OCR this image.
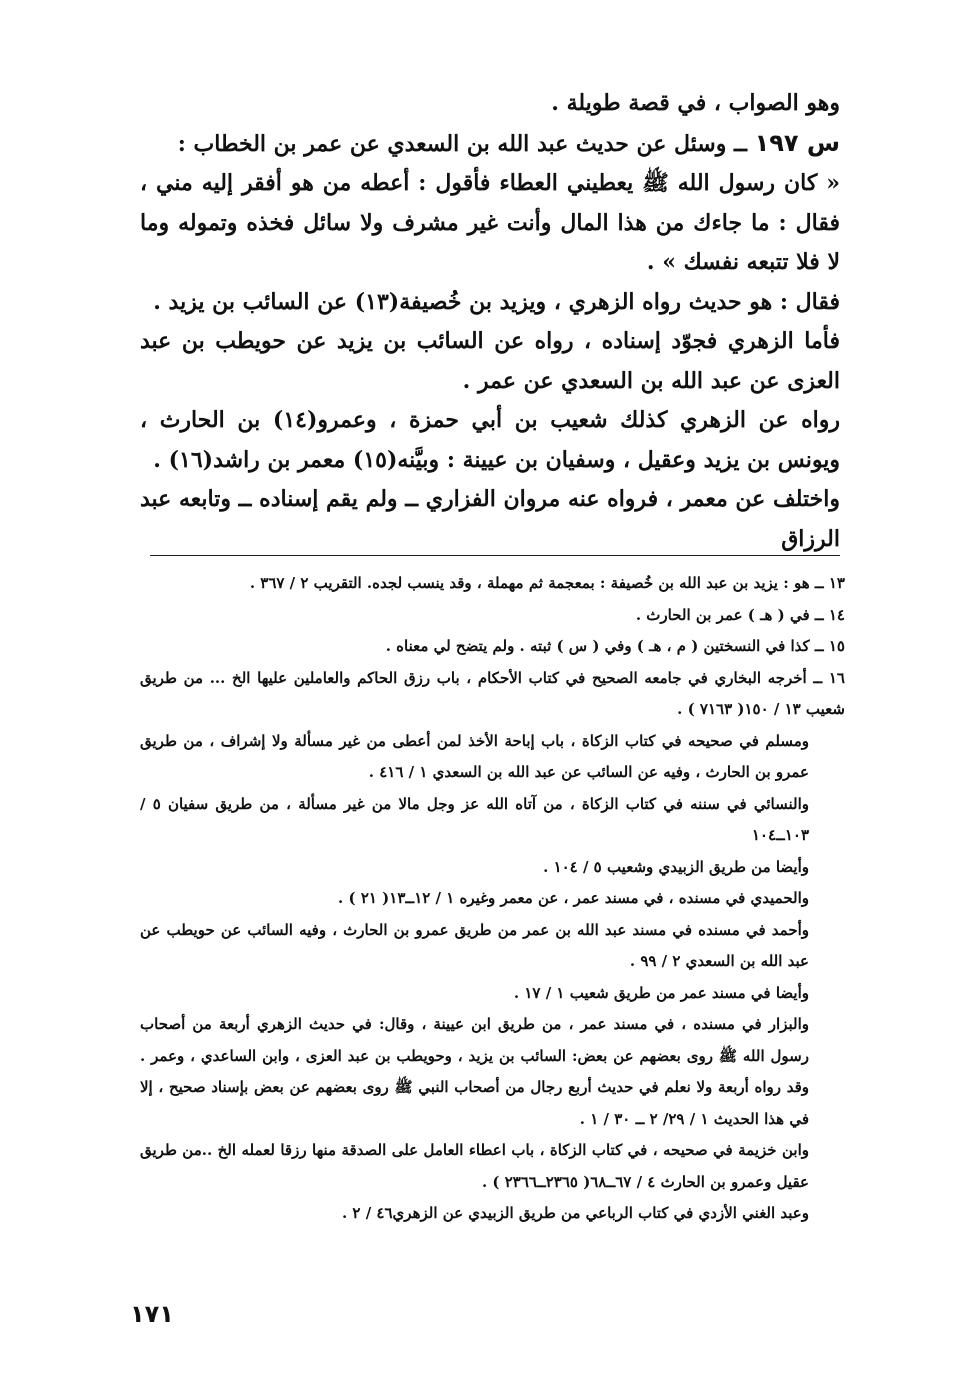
وهو الصواب ، في قصة طويلة .

س ١٩٧ ــ وسئل عن حديث عبد الله بن السعدي عن عمر بن الخطاب :

« كان رسول الله ﷺ يعطيني العطاء فأقول : أعطه من هو أفقر إليه مني ، فقال : ما جاءك من هذا المال وأنت غير مشرف ولا سائل فخذه وتموله وما لا فلا تتبعه نفسك » .

فقال : هو حديث رواه الزهري ، ويزيد بن خُصيفة(١٣) عن السائب بن يزيد .

فأما الزهري فجوّد إسناده ، رواه عن السائب بن يزيد عن حويطب بن عبد العزى عن عبد الله بن السعدي عن عمر .

رواه عن الزهري كذلك شعيب بن أبي حمزة ، وعمرو(١٤) بن الحارث ، ويونس بن يزيد وعقيل ، وسفيان بن عيينة : وبيَّنه(١٥) معمر بن راشد(١٦) .

واختلف عن معمر ، فرواه عنه مروان الفزاري ــ ولم يقم إسناده ــ وتابعه عبد الرزاق

١٣ ــ هو : يزيد بن عبد الله بن خُصيفة : بمعجمة ثم مهملة ، وقد ينسب لجده. التقريب ٢ / ٣٦٧ .

١٤ ــ في ( هـ ) عمر بن الحارث .

١٥ ــ كذا في النسختين ( م ، هـ ) وفي ( س ) ثبته . ولم يتضح لي معناه .

١٦ ــ أخرجه البخاري في جامعه الصحيح في كتاب الأحكام ، باب رزق الحاكم والعاملين عليها الخ ... من طريق شعيب ١٣ / ١٥٠( ٧١٦٣ ) .

ومسلم في صحيحه في كتاب الزكاة ، باب إباحة الأخذ لمن أعطى من غير مسألة ولا إشراف ، من طريق عمرو بن الحارث ، وفيه عن السائب عن عبد الله بن السعدي ١ / ٤١٦ .

والنسائي في سننه في كتاب الزكاة ، من آتاه الله عز وجل مالا من غير مسألة ، من طريق سفيان ٥ / ١٠٣ــ١٠٤

وأيضا من طريق الزبيدي وشعيب ٥ / ١٠٤ .

والحميدي في مسنده ، في مسند عمر ، عن معمر وغيره ١ / ١٢ــ١٣( ٢١ ) .

وأحمد في مسنده في مسند عبد الله بن عمر من طريق عمرو بن الحارث ، وفيه السائب عن حويطب عن عبد الله بن السعدي ٢ / ٩٩ .

وأيضا في مسند عمر من طريق شعيب ١ / ١٧ .

والبزار في مسنده ، في مسند عمر ، من طريق ابن عيينة ، وقال: في حديث الزهري أربعة من أصحاب رسول الله ﷺ روى بعضهم عن بعض: السائب بن يزيد ، وحويطب بن عبد العزى ، وابن الساعدي ، وعمر . وقد رواه أربعة ولا نعلم في حديث أربع رجال من أصحاب النبي ﷺ روى بعضهم عن بعض بإسناد صحيح ، إلا في هذا الحديث ١ / ٢٩/ ٢ ــ ٣٠ / ١ .

وابن خزيمة في صحيحه ، في كتاب الزكاة ، باب اعطاء العامل على الصدقة منها رزقا لعمله الخ ..من طريق عقيل وعمرو بن الحارث ٤ / ٦٧ــ٦٨( ٢٣٦٥ــ٢٣٦٦ ) .

وعبد الغني الأزدي في كتاب الرباعي من طريق الزبيدي عن الزهري٤٦ / ٢ .

١٧١
